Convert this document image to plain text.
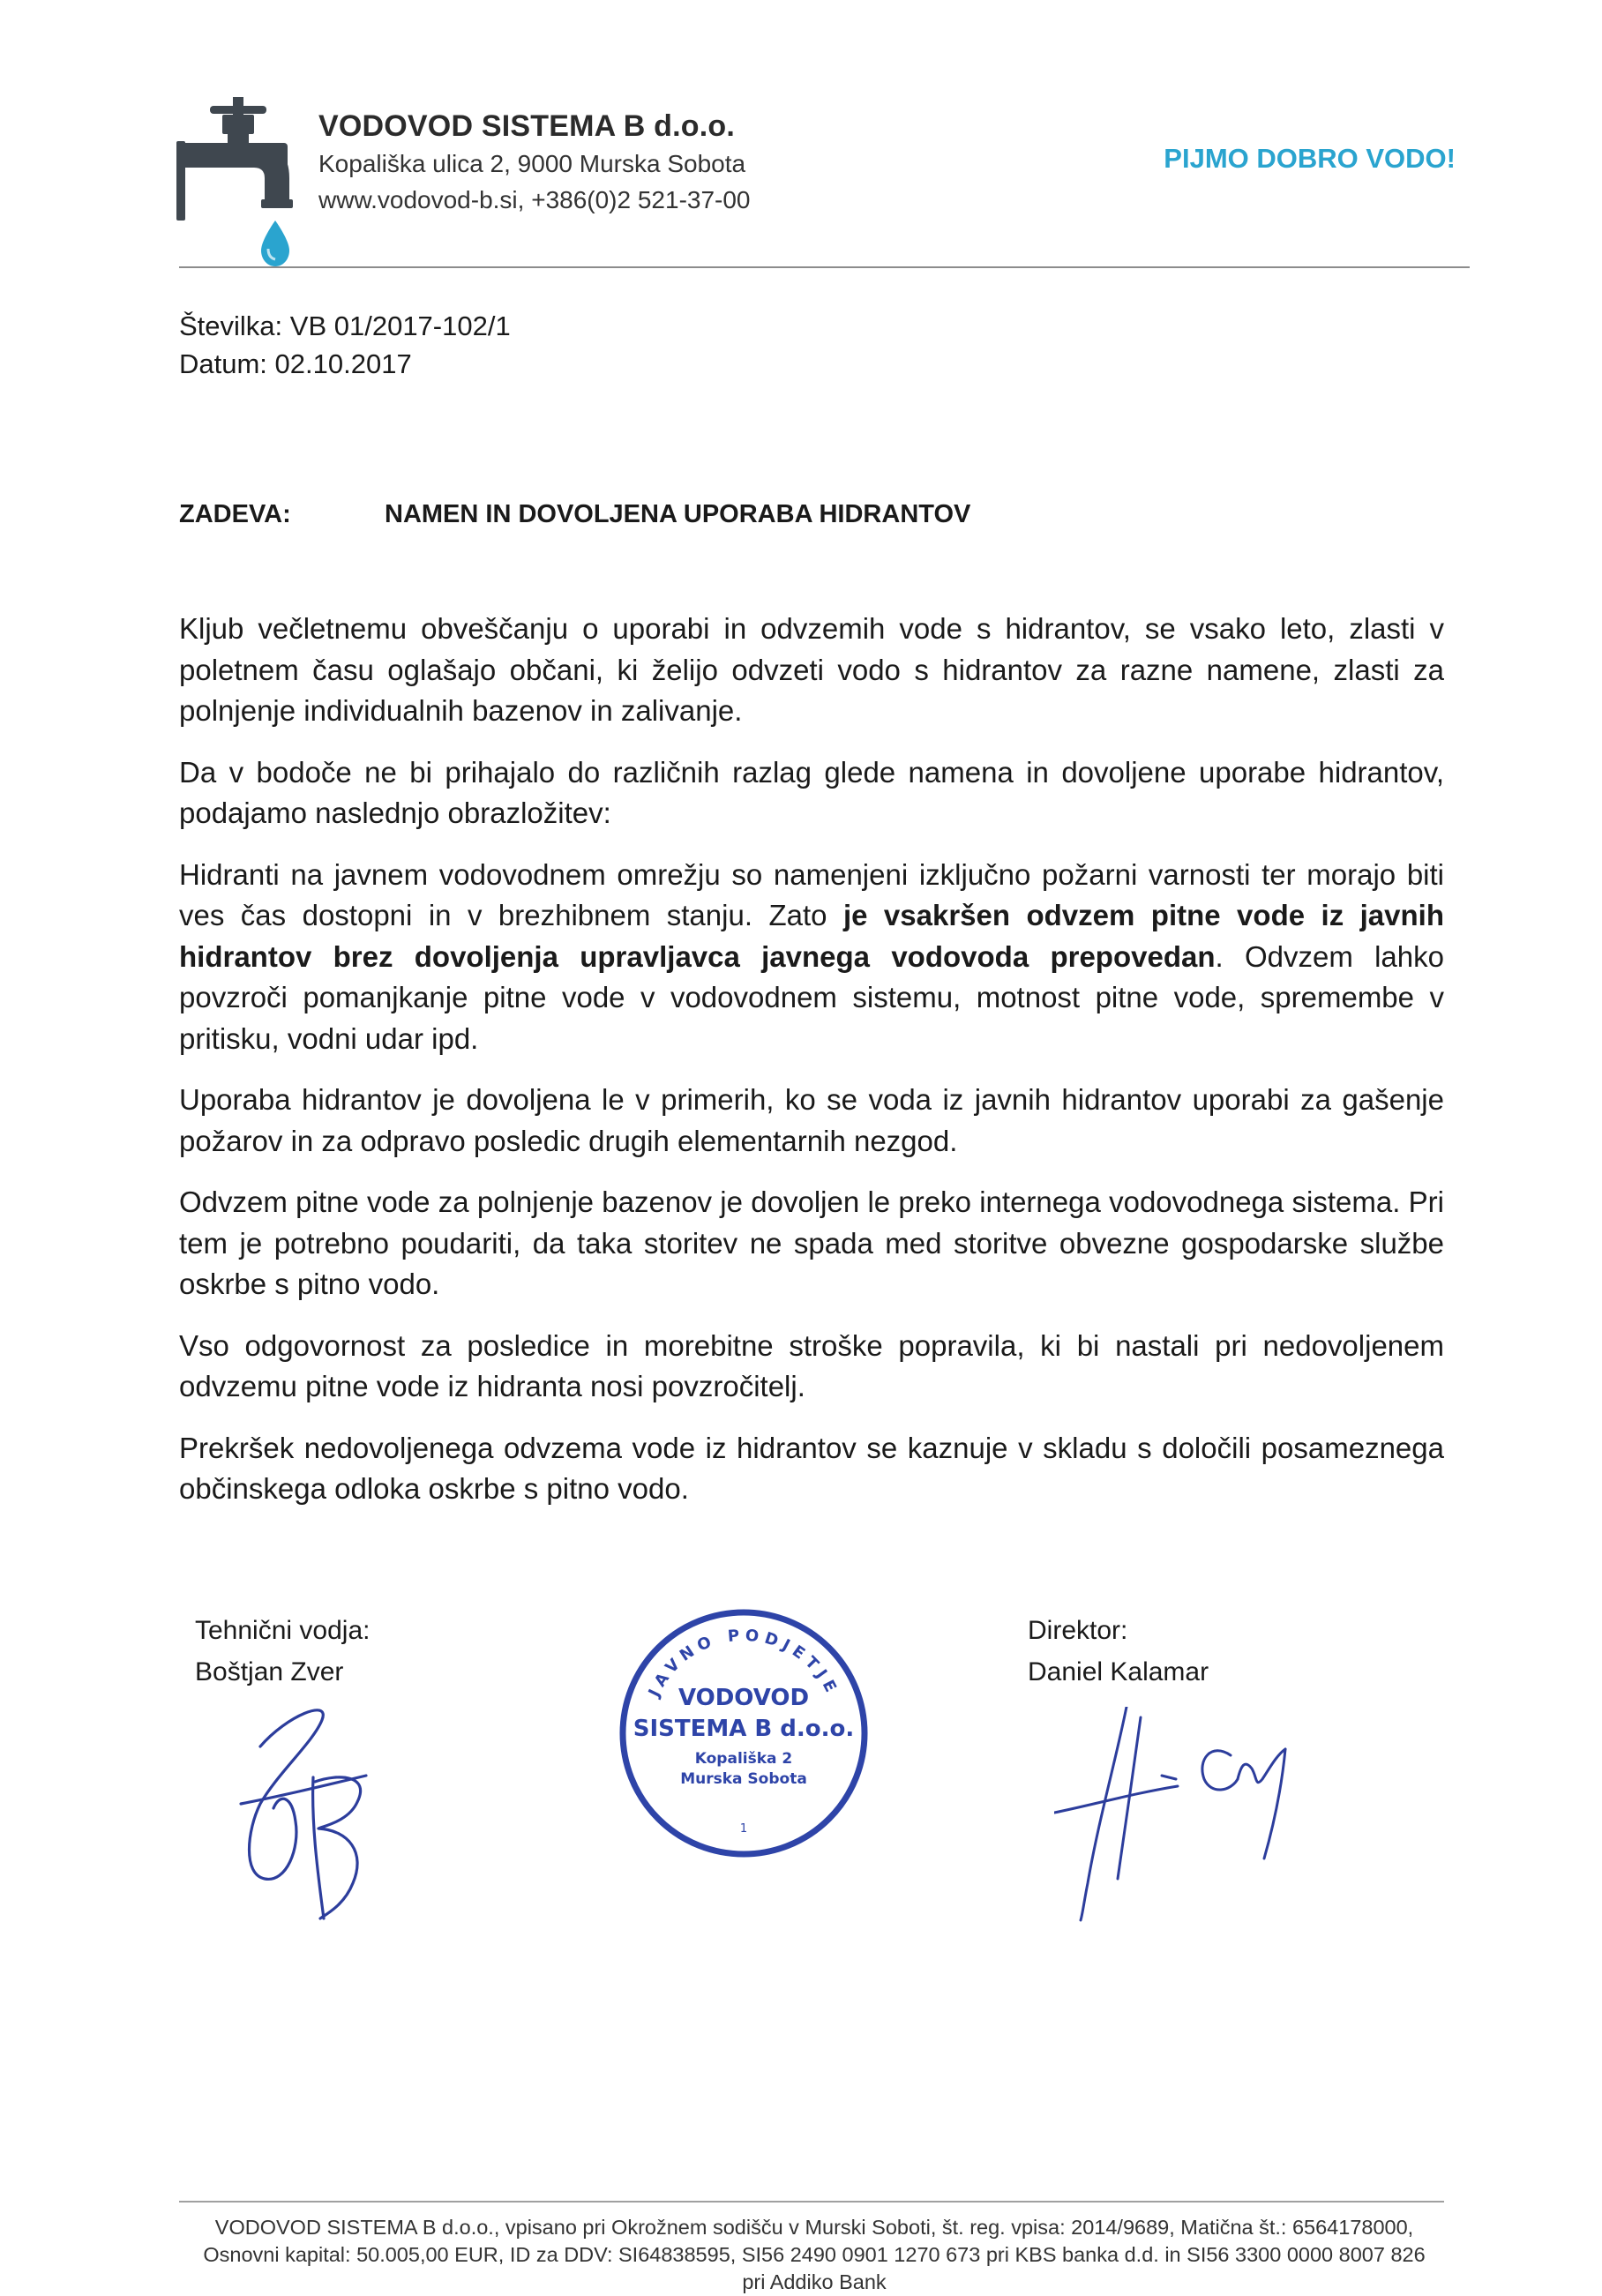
VODOVOD SISTEMA B d.o.o.
Kopališka ulica 2, 9000 Murska Sobota
www.vodovod-b.si, +386(0)2 521-37-00
PIJMO DOBRO VODO!
Številka: VB 01/2017-102/1
Datum: 02.10.2017
ZADEVA:	NAMEN IN DOVOLJENA UPORABA HIDRANTOV

Kljub večletnemu obveščanju o uporabi in odvzemih vode s hidrantov, se vsako leto, zlasti v poletnem času oglašajo občani, ki želijo odvzeti vodo s hidrantov za razne namene, zlasti za polnjenje individualnih bazenov in zalivanje.

Da v bodoče ne bi prihajalo do različnih razlag glede namena in dovoljene uporabe hidrantov, podajamo naslednjo obrazložitev:

Hidranti na javnem vodovodnem omrežju so namenjeni izključno požarni varnosti ter morajo biti ves čas dostopni in v brezhibnem stanju. Zato je vsakršen odvzem pitne vode iz javnih hidrantov brez dovoljenja upravljavca javnega vodovoda prepovedan. Odvzem lahko povzroči pomanjkanje pitne vode v vodovodnem sistemu, motnost pitne vode, spremembe v pritisku, vodni udar ipd.

Uporaba hidrantov je dovoljena le v primerih, ko se voda iz javnih hidrantov uporabi za gašenje požarov in za odpravo posledic drugih elementarnih nezgod.

Odvzem pitne vode za polnjenje bazenov je dovoljen le preko internega vodovodnega sistema. Pri tem je potrebno poudariti, da taka storitev ne spada med storitve obvezne gospodarske službe oskrbe s pitno vodo.

Vso odgovornost za posledice in morebitne stroške popravila, ki bi nastali pri nedovoljenem odvzemu pitne vode iz hidranta nosi povzročitelj.

Prekršek nedovoljenega odvzema vode iz hidrantov se kaznuje v skladu s določili posameznega občinskega odloka oskrbe s pitno vodo.

Tehnični vodja:
Boštjan Zver
Direktor:
Daniel Kalamar
JAVNO PODJETJE
VODOVOD
SISTEMA B d.o.o.
Kopališka 2
Murska Sobota
1
VODOVOD SISTEMA B d.o.o., vpisano pri Okrožnem sodišču v Murski Soboti, št. reg. vpisa: 2014/9689, Matična št.: 6564178000, Osnovni kapital: 50.005,00 EUR, ID za DDV: SI64838595, SI56 2490 0901 1270 673 pri KBS banka d.d. in SI56 3300 0000 8007 826 pri Addiko Bank
